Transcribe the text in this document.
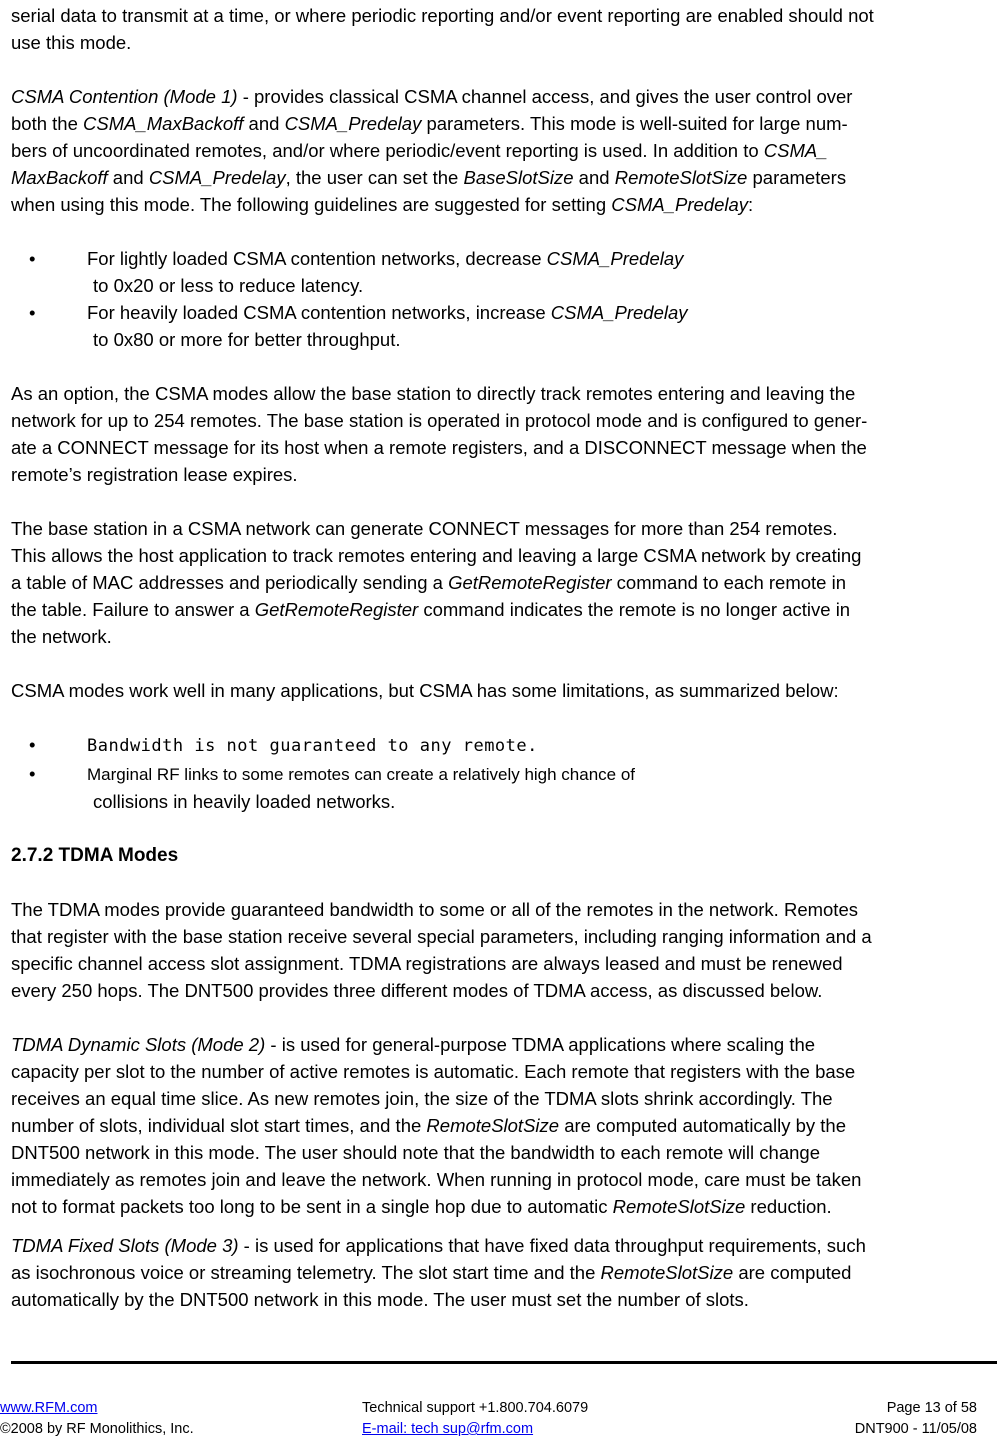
serial data to transmit at a time, or where periodic reporting and/or event reporting are enabled should not

use this mode.

CSMA Contention (Mode 1) - provides classical CSMA channel access, and gives the user control over

both the CSMA_MaxBackoff and CSMA_Predelay parameters. This mode is well-suited for large num-

bers of uncoordinated remotes, and/or where periodic/event reporting is used. In addition to CSMA_

MaxBackoff and CSMA_Predelay, the user can set the BaseSlotSize and RemoteSlotSize parameters

when using this mode. The following guidelines are suggested for setting CSMA_Predelay:

•	For lightly loaded CSMA contention networks, decrease CSMA_Predelay
to 0x20 or less to reduce latency.
•	For heavily loaded CSMA contention networks, increase CSMA_Predelay
to 0x80 or more for better throughput.

As an option, the CSMA modes allow the base station to directly track remotes entering and leaving the

network for up to 254 remotes. The base station is operated in protocol mode and is configured to gener-

ate a CONNECT message for its host when a remote registers, and a DISCONNECT message when the

remote’s registration lease expires.

The base station in a CSMA network can generate CONNECT messages for more than 254 remotes.

This allows the host application to track remotes entering and leaving a large CSMA network by creating

a table of MAC addresses and periodically sending a GetRemoteRegister command to each remote in

the table. Failure to answer a GetRemoteRegister command indicates the remote is no longer active in

the network.

CSMA modes work well in many applications, but CSMA has some limitations, as summarized below:

•	Bandwidth is not guaranteed to any remote.
•	Marginal RF links to some remotes can create a relatively high chance of
collisions in heavily loaded networks.

2.7.2 TDMA Modes

The TDMA modes provide guaranteed bandwidth to some or all of the remotes in the network. Remotes

that register with the base station receive several special parameters, including ranging information and a

specific channel access slot assignment. TDMA registrations are always leased and must be renewed

every 250 hops. The DNT500 provides three different modes of TDMA access, as discussed below.

TDMA Dynamic Slots (Mode 2) - is used for general-purpose TDMA applications where scaling the

capacity per slot to the number of active remotes is automatic. Each remote that registers with the base

receives an equal time slice. As new remotes join, the size of the TDMA slots shrink accordingly. The

number of slots, individual slot start times, and the RemoteSlotSize are computed automatically by the

DNT500 network in this mode. The user should note that the bandwidth to each remote will change

immediately as remotes join and leave the network. When running in protocol mode, care must be taken

not to format packets too long to be sent in a single hop due to automatic RemoteSlotSize reduction.

TDMA Fixed Slots (Mode 3) - is used for applications that have fixed data throughput requirements, such

as isochronous voice or streaming telemetry. The slot start time and the RemoteSlotSize are computed

automatically by the DNT500 network in this mode. The user must set the number of slots.

www.RFM.com	Technical support +1.800.704.6079	Page 13 of 58
©2008 by RF Monolithics, Inc.	E-mail: tech sup@rfm.com	DNT900 - 11/05/08
